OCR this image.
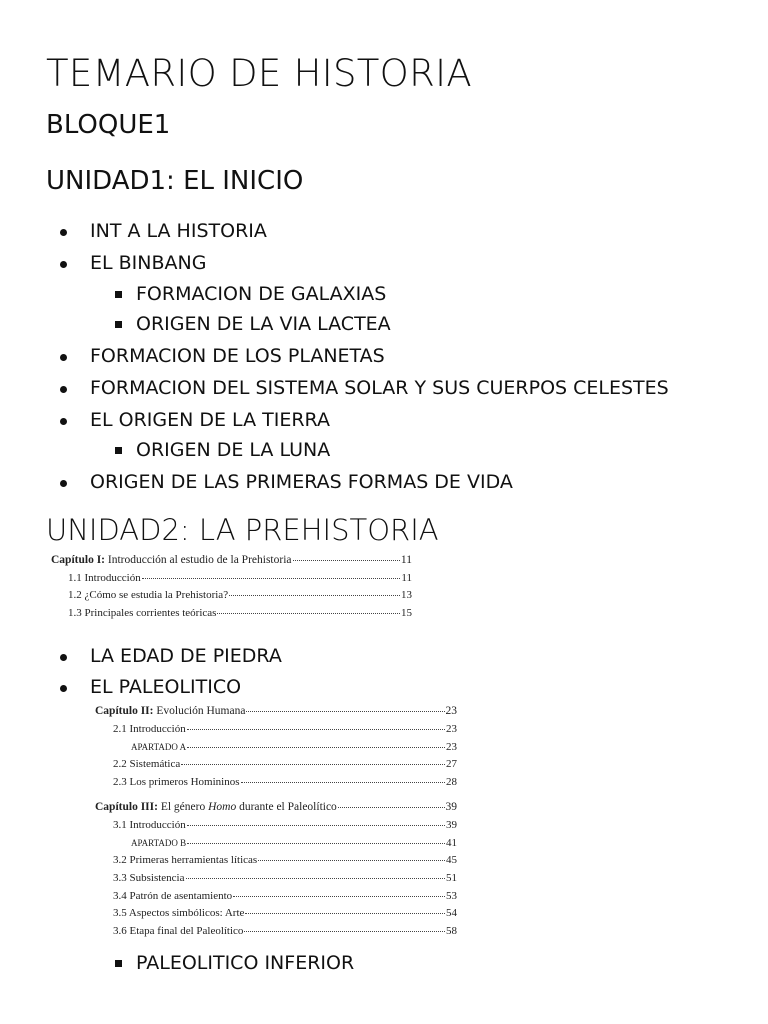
TEMARIO DE HISTORIA
BLOQUE1
UNIDAD1: EL INICIO
INT A LA HISTORIA
EL BINBANG
FORMACION DE GALAXIAS
ORIGEN DE LA VIA LACTEA
FORMACION DE LOS PLANETAS
FORMACION DEL SISTEMA SOLAR Y SUS CUERPOS CELESTES
EL ORIGEN DE LA TIERRA
ORIGEN DE LA LUNA
ORIGEN DE LAS PRIMERAS FORMAS DE VIDA
UNIDAD2: LA PREHISTORIA
Capítulo I: Introducción al estudio de la Prehistoria	11
1.1 Introducción	11
1.2 ¿Cómo se estudia la Prehistoria?	13
1.3 Principales corrientes teóricas	15
LA EDAD DE PIEDRA
EL PALEOLITICO
Capítulo II: Evolución Humana	23
2.1 Introducción	23
APARTADO A	23
2.2 Sistemática	27
2.3 Los primeros Homininos	28
Capítulo III: El género Homo durante el Paleolítico	39
3.1 Introducción	39
APARTADO B	41
3.2 Primeras herramientas líticas	45
3.3 Subsistencia	51
3.4 Patrón de asentamiento	53
3.5 Aspectos simbólicos: Arte	54
3.6 Etapa final del Paleolítico	58
PALEOLITICO INFERIOR
